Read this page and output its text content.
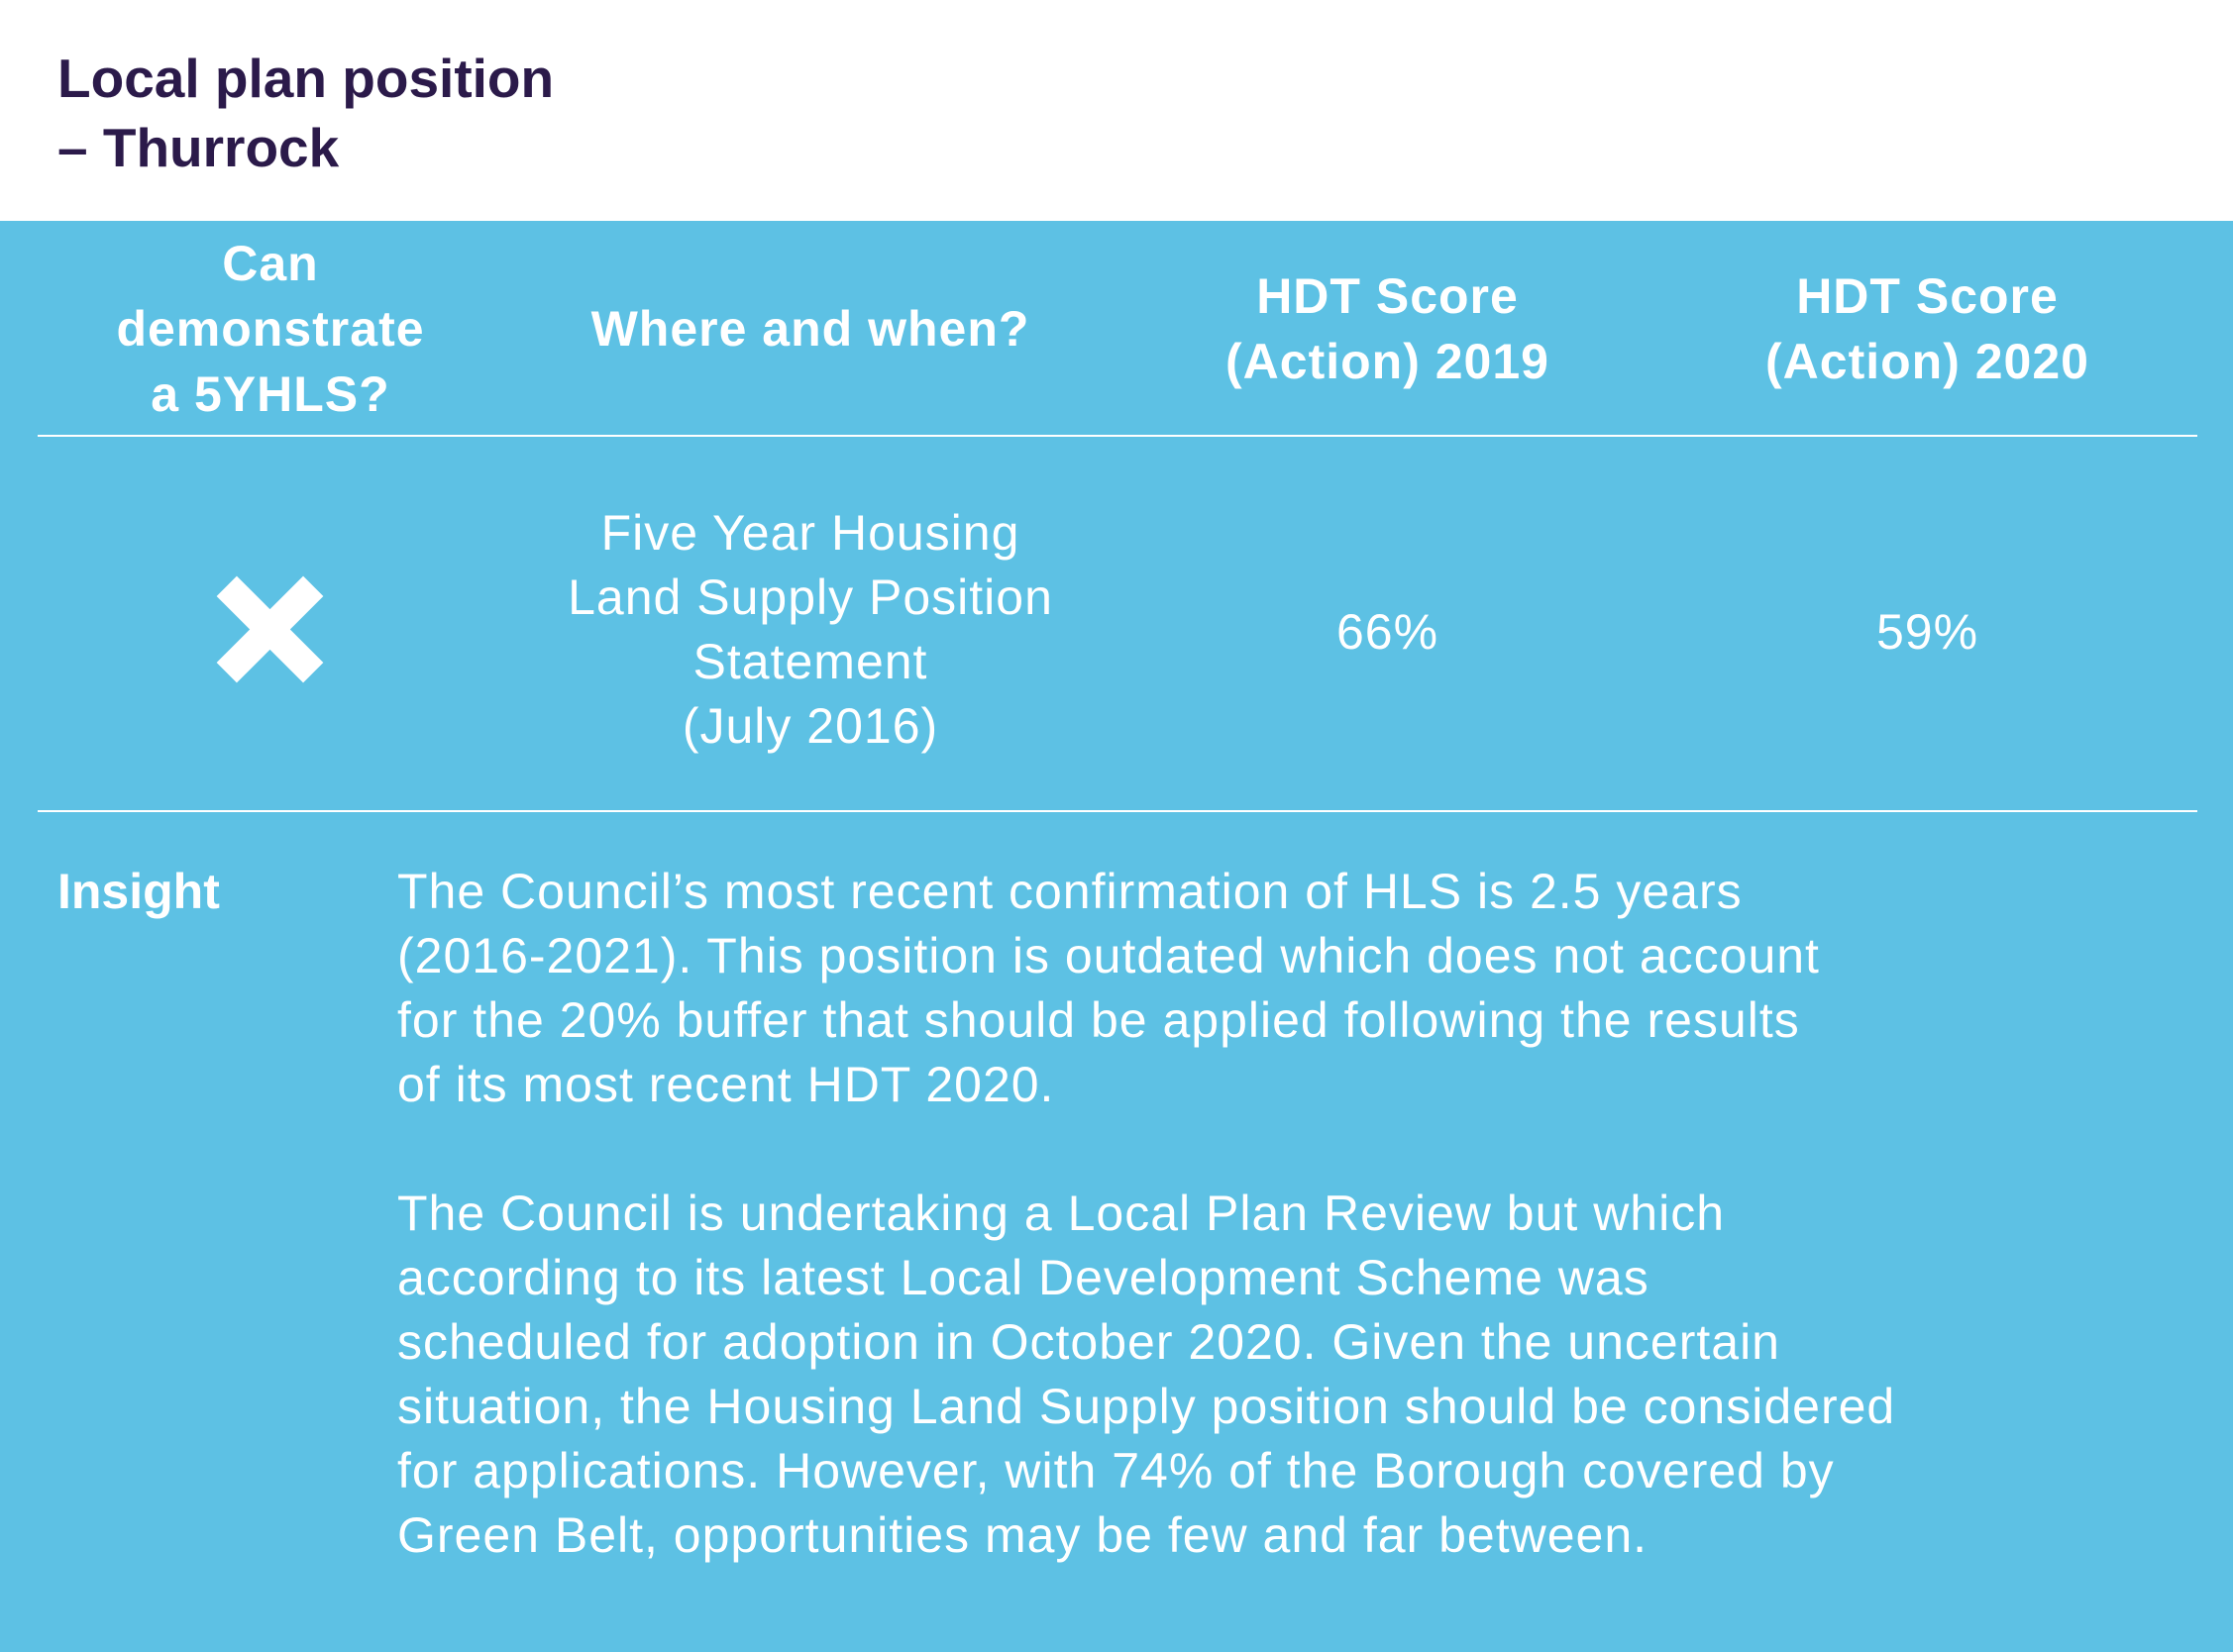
Local plan position
– Thurrock
Can
demonstrate
a 5YHLS?
Where and when?
HDT Score
(Action) 2019
HDT Score
(Action) 2020
Five Year Housing
Land Supply Position
Statement
(July 2016)
66%	59%
Insight	The Council’s most recent confirmation of HLS is 2.5 years
(2016-2021). This position is outdated which does not account
for the 20% buffer that should be applied following the results
of its most recent HDT 2020.

The Council is undertaking a Local Plan Review but which
according to its latest Local Development Scheme was
scheduled for adoption in October 2020. Given the uncertain
situation, the Housing Land Supply position should be considered
for applications. However, with 74% of the Borough covered by
Green Belt, opportunities may be few and far between.
